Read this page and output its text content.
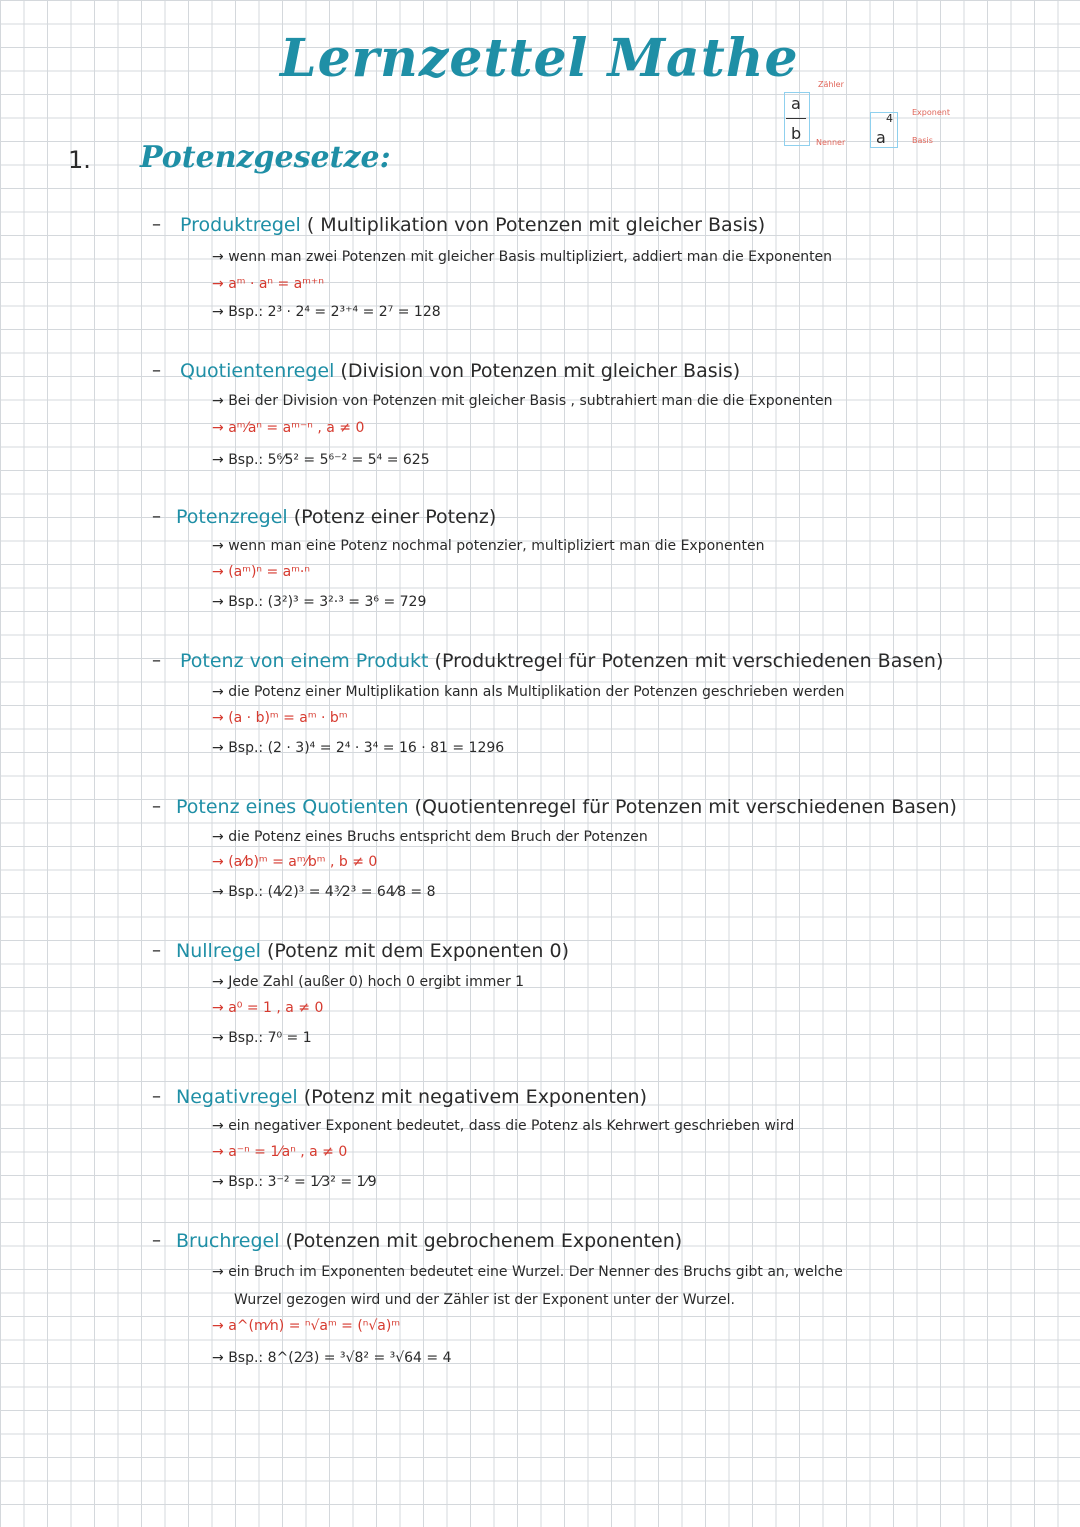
Lernzettel Mathe
a
b
Zähler
Nenner
4
a
Exponent
Basis
1. Potenzgesetze:
– Produktregel ( Multiplikation von Potenzen mit gleicher Basis)
→ wenn man zwei Potenzen mit gleicher Basis multipliziert, addiert man die Exponenten
→ aᵐ · aⁿ = aᵐ⁺ⁿ
→ Bsp.: 2³ · 2⁴ = 2³⁺⁴ = 2⁷ = 128
– Quotientenregel (Division von Potenzen mit gleicher Basis)
→ Bei der Division von Potenzen mit gleicher Basis , subtrahiert man die die Exponenten
→ aᵐ⁄aⁿ = aᵐ⁻ⁿ , a ≠ 0
→ Bsp.: 5⁶⁄5² = 5⁶⁻² = 5⁴ = 625
– Potenzregel (Potenz einer Potenz)
→ wenn man eine Potenz nochmal potenzier, multipliziert man die Exponenten
→ (aᵐ)ⁿ = aᵐ·ⁿ
→ Bsp.: (3²)³ = 3²·³ = 3⁶ = 729
– Potenz von einem Produkt (Produktregel für Potenzen mit verschiedenen Basen)
→ die Potenz einer Multiplikation kann als Multiplikation der Potenzen geschrieben werden
→ (a · b)ᵐ = aᵐ · bᵐ
→ Bsp.: (2 · 3)⁴ = 2⁴ · 3⁴ = 16 · 81 = 1296
– Potenz eines Quotienten (Quotientenregel für Potenzen mit verschiedenen Basen)
→ die Potenz eines Bruchs entspricht dem Bruch der Potenzen
→ (a⁄b)ᵐ = aᵐ⁄bᵐ , b ≠ 0
→ Bsp.: (4⁄2)³ = 4³⁄2³ = 64⁄8 = 8
– Nullregel (Potenz mit dem Exponenten 0)
→ Jede Zahl (außer 0) hoch 0 ergibt immer 1
→ a⁰ = 1 , a ≠ 0
→ Bsp.: 7⁰ = 1
– Negativregel (Potenz mit negativem Exponenten)
→ ein negativer Exponent bedeutet, dass die Potenz als Kehrwert geschrieben wird
→ a⁻ⁿ = 1⁄aⁿ , a ≠ 0
→ Bsp.: 3⁻² = 1⁄3² = 1⁄9
– Bruchregel (Potenzen mit gebrochenem Exponenten)
→ ein Bruch im Exponenten bedeutet eine Wurzel. Der Nenner des Bruchs gibt an, welche
Wurzel gezogen wird und der Zähler ist der Exponent unter der Wurzel.
→ a^(m⁄n) = ⁿ√aᵐ = (ⁿ√a)ᵐ
→ Bsp.: 8^(2⁄3) = ³√8² = ³√64 = 4
